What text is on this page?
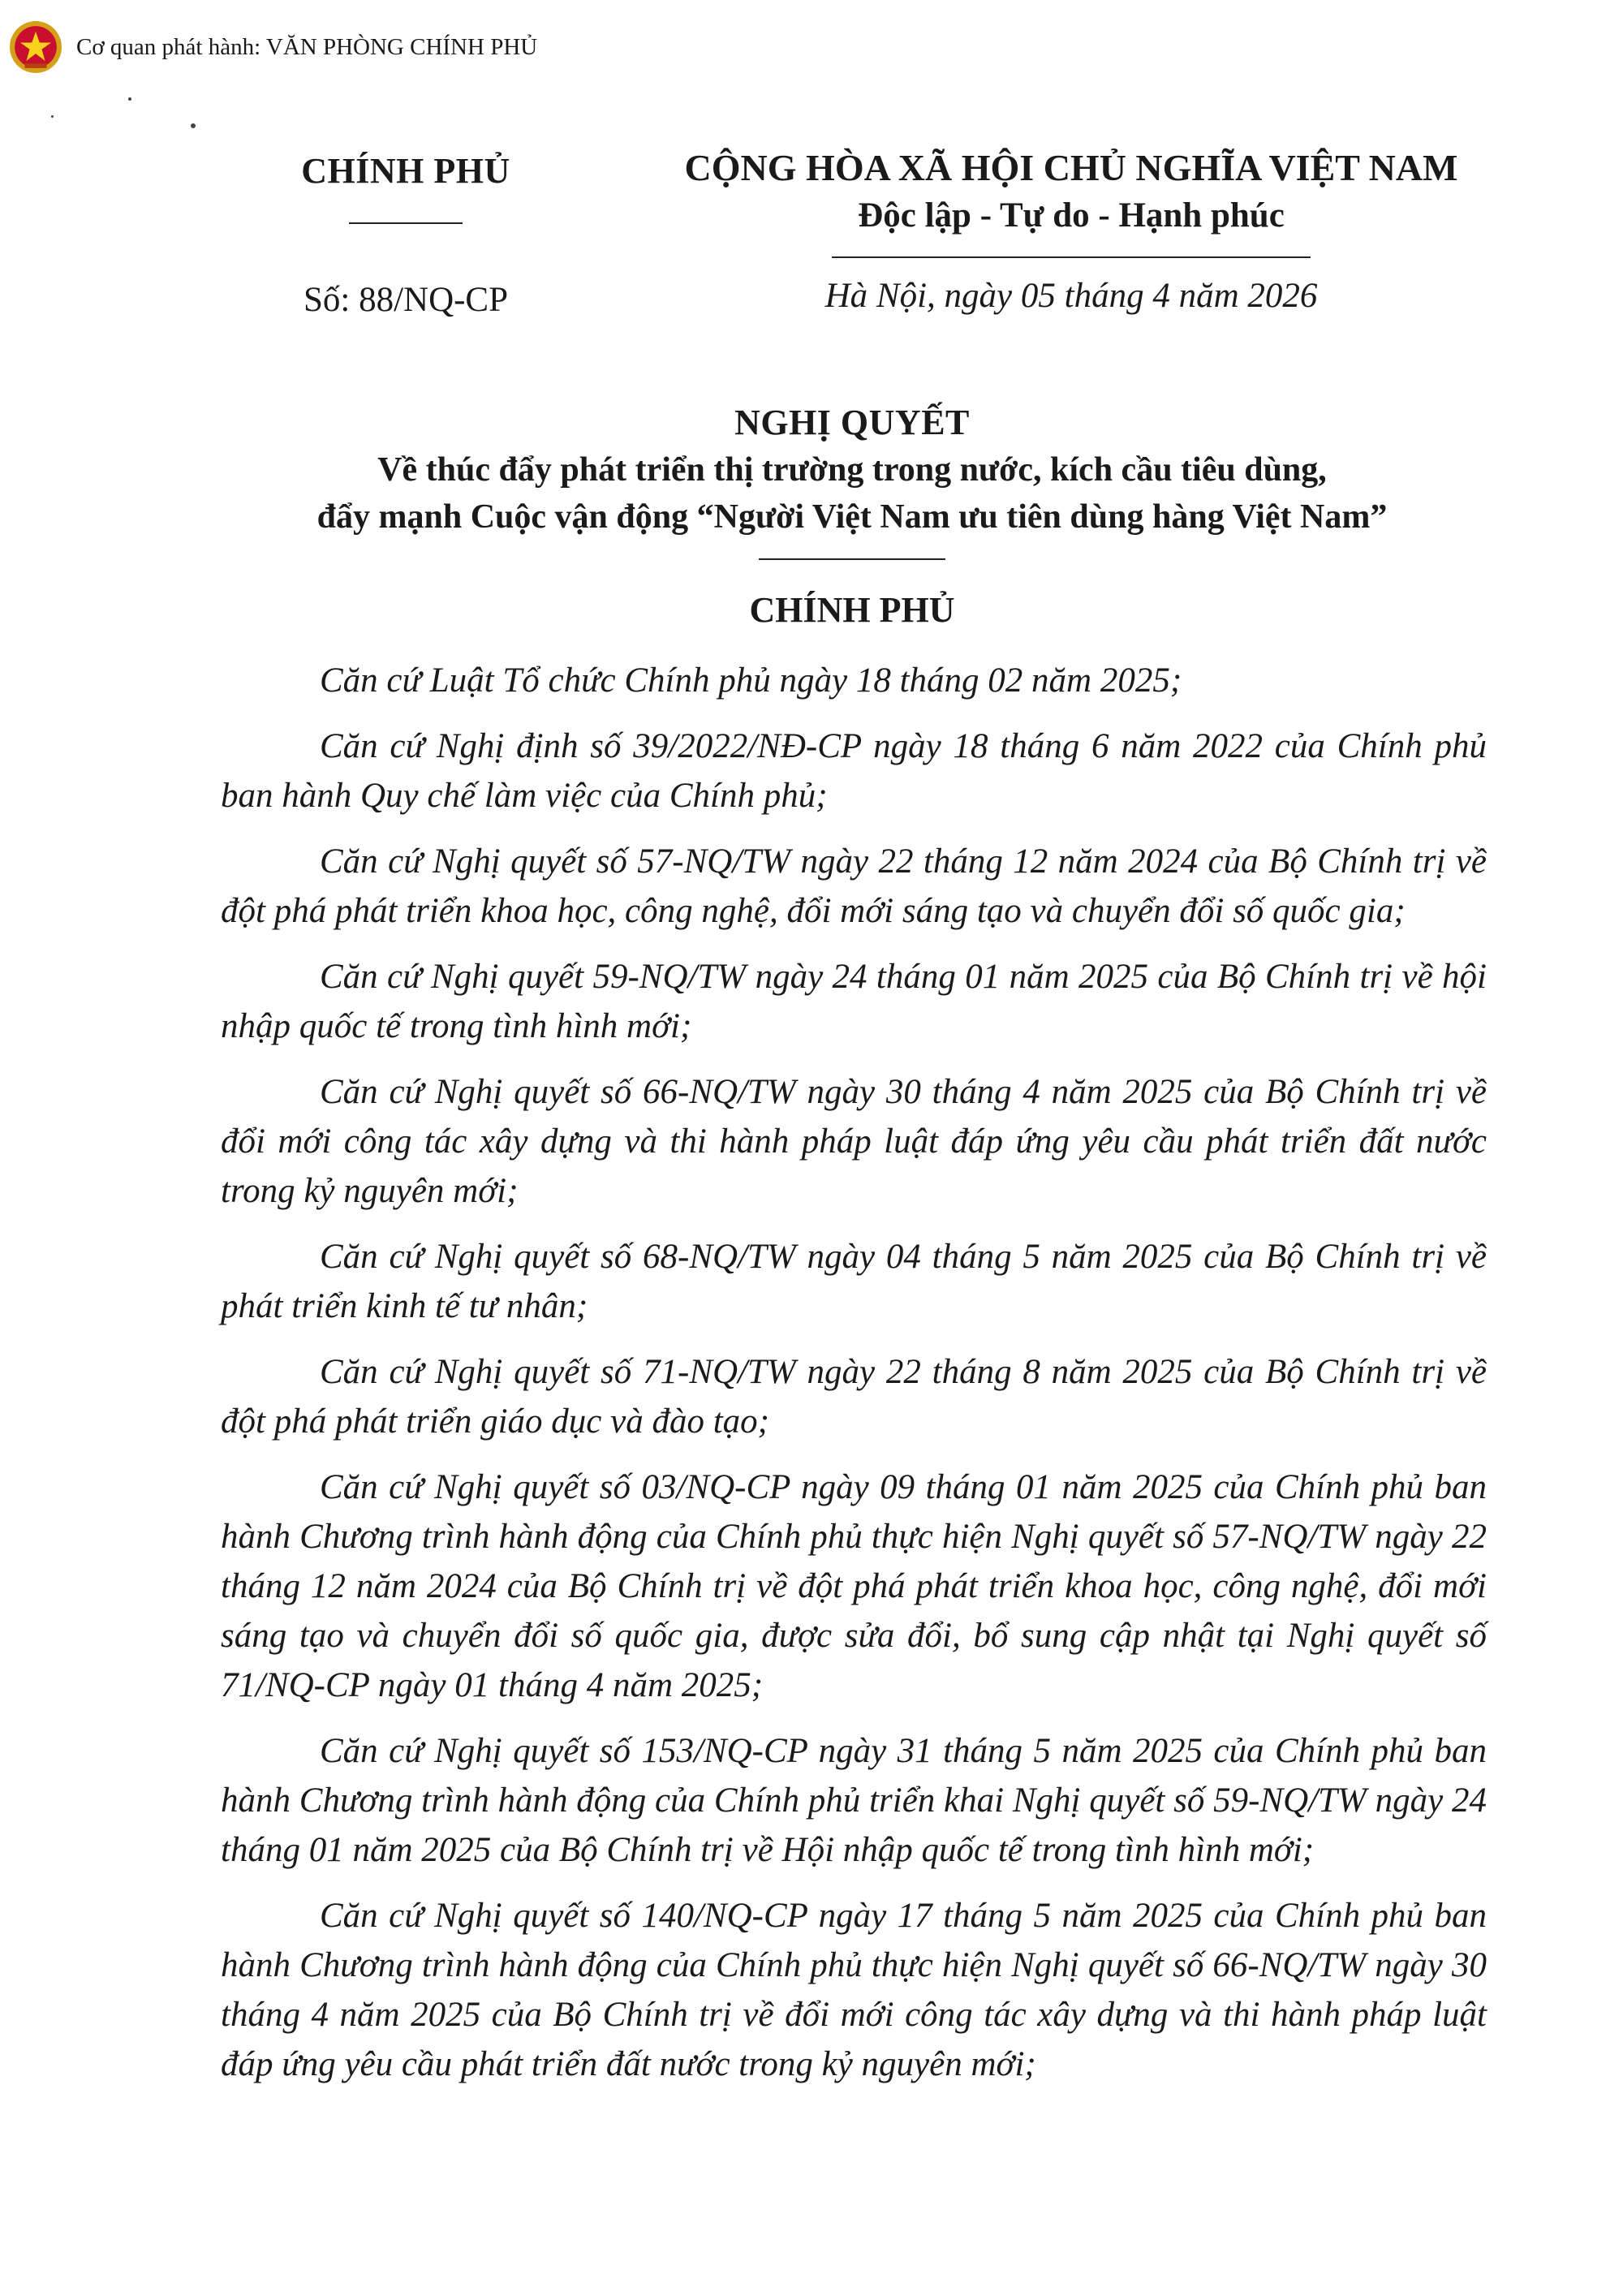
Cơ quan phát hành: VĂN PHÒNG CHÍNH PHỦ
CHÍNH PHỦ	CỘNG HÒA XÃ HỘI CHỦ NGHĨA VIỆT NAM
Độc lập - Tự do - Hạnh phúc
Số: 88/NQ-CP	Hà Nội, ngày 05 tháng 4 năm 2026
NGHỊ QUYẾT
Về thúc đẩy phát triển thị trường trong nước, kích cầu tiêu dùng,
đẩy mạnh Cuộc vận động “Người Việt Nam ưu tiên dùng hàng Việt Nam”
CHÍNH PHỦ

Căn cứ Luật Tổ chức Chính phủ ngày 18 tháng 02 năm 2025;

Căn cứ Nghị định số 39/2022/NĐ-CP ngày 18 tháng 6 năm 2022 của Chính phủ ban hành Quy chế làm việc của Chính phủ;

Căn cứ Nghị quyết số 57-NQ/TW ngày 22 tháng 12 năm 2024 của Bộ Chính trị về đột phá phát triển khoa học, công nghệ, đổi mới sáng tạo và chuyển đổi số quốc gia;

Căn cứ Nghị quyết 59-NQ/TW ngày 24 tháng 01 năm 2025 của Bộ Chính trị về hội nhập quốc tế trong tình hình mới;

Căn cứ Nghị quyết số 66-NQ/TW ngày 30 tháng 4 năm 2025 của Bộ Chính trị về đổi mới công tác xây dựng và thi hành pháp luật đáp ứng yêu cầu phát triển đất nước trong kỷ nguyên mới;

Căn cứ Nghị quyết số 68-NQ/TW ngày 04 tháng 5 năm 2025 của Bộ Chính trị về phát triển kinh tế tư nhân;

Căn cứ Nghị quyết số 71-NQ/TW ngày 22 tháng 8 năm 2025 của Bộ Chính trị về đột phá phát triển giáo dục và đào tạo;

Căn cứ Nghị quyết số 03/NQ-CP ngày 09 tháng 01 năm 2025 của Chính phủ ban hành Chương trình hành động của Chính phủ thực hiện Nghị quyết số 57-NQ/TW ngày 22 tháng 12 năm 2024 của Bộ Chính trị về đột phá phát triển khoa học, công nghệ, đổi mới sáng tạo và chuyển đổi số quốc gia, được sửa đổi, bổ sung cập nhật tại Nghị quyết số 71/NQ-CP ngày 01 tháng 4 năm 2025;

Căn cứ Nghị quyết số 153/NQ-CP ngày 31 tháng 5 năm 2025 của Chính phủ ban hành Chương trình hành động của Chính phủ triển khai Nghị quyết số 59-NQ/TW ngày 24 tháng 01 năm 2025 của Bộ Chính trị về Hội nhập quốc tế trong tình hình mới;

Căn cứ Nghị quyết số 140/NQ-CP ngày 17 tháng 5 năm 2025 của Chính phủ ban hành Chương trình hành động của Chính phủ thực hiện Nghị quyết số 66-NQ/TW ngày 30 tháng 4 năm 2025 của Bộ Chính trị về đổi mới công tác xây dựng và thi hành pháp luật đáp ứng yêu cầu phát triển đất nước trong kỷ nguyên mới;
